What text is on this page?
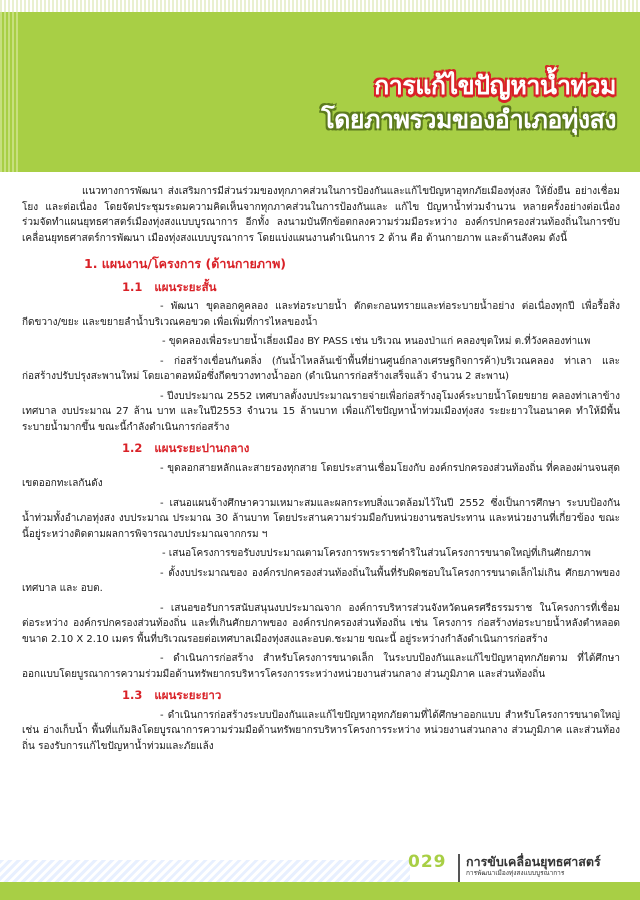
การแก้ไขปัญหาน้ำท่วม
โดยภาพรวมของอำเภอทุ่งสง

แนวทางการพัฒนา ส่งเสริมการมีส่วนร่วมของทุกภาคส่วนในการป้องกันและแก้ไขปัญหาอุทกภัยเมืองทุ่งสง ให้ยั่งยืน อย่างเชื่อมโยง และต่อเนื่อง โดยจัดประชุมระดมความคิดเห็นจากทุกภาคส่วนในการป้องกันและ แก้ไข ปัญหาน้ำท่วมจำนวน หลายครั้งอย่างต่อเนื่อง ร่วมจัดทำแผนยุทธศาสตร์เมืองทุ่งสงแบบบูรณาการ อีกทั้ง ลงนามบันทึกข้อตกลงความร่วมมือระหว่าง องค์กรปกครองส่วนท้องถิ่นในการขับเคลื่อนยุทธศาสตร์การพัฒนา เมืองทุ่งสงแบบบูรณาการ โดยแบ่งแผนงานดำเนินการ 2 ด้าน คือ ด้านกายภาพ และด้านสังคม ดังนี้

1. แผนงาน/โครงการ (ด้านกายภาพ)
1.1 แผนระยะสั้น

- พัฒนา ขุดลอกคูคลอง และท่อระบายน้ำ ตักตะกอนทรายและท่อระบายน้ำอย่าง ต่อเนื่องทุกปี เพื่อรื้อสิ่งกีดขวาง/ขยะ และขยายลำน้ำบริเวณคอขวด เพื่อเพิ่มที่การไหลของน้ำ

- ขุดคลองเพื่อระบายน้ำเลี่ยงเมือง BY PASS เช่น บริเวณ หนองป่าแก่ คลองขุดใหม่ ต.ที่วังคลองท่าแพ

- ก่อสร้างเขื่อนกันตลิ่ง (กันน้ำไหลล้นเข้าพื้นที่ย่านศูนย์กลางเศรษฐกิจการค้า)บริเวณคลอง ท่าเลา และก่อสร้างปรับปรุงสะพานใหม่ โดยเอาตอหม้อซึ่งกีดขวางทางน้ำออก (ดำเนินการก่อสร้างเสร็จแล้ว จำนวน 2 สะพาน)

- ปีงบประมาณ 2552 เทศบาลตั้งงบประมาณรายจ่ายเพื่อก่อสร้างอุโมงค์ระบายน้ำโดยขยาย คลองท่าเลาข้างเทศบาล งบประมาณ 27 ล้าน บาท และในปี2553 จำนวน 15 ล้านบาท เพื่อแก้ไขปัญหาน้ำท่วมเมืองทุ่งสง ระยะยาวในอนาคต ทำให้มีพื้นระบายน้ำมากขึ้น ขณะนี้กำลังดำเนินการก่อสร้าง

1.2 แผนระยะปานกลาง

- ขุดลอกสายหลักและสายรองทุกสาย โดยประสานเชื่อมโยงกับ องค์กรปกครองส่วนท้องถิ่น ที่คลองผ่านจนสุดเขตออกทะเลกันดัง

- เสนอแผนจ้างศึกษาความเหมาะสมและผลกระทบสิ่งแวดล้อมไว้ในปี 2552 ซึ่งเป็นการศึกษา ระบบป้องกันน้ำท่วมทั้งอำเภอทุ่งสง งบประมาณ ประมาณ 30 ล้านบาท โดยประสานความร่วมมือกับหน่วยงานชลประทาน และหน่วยงานที่เกี่ยวข้อง ขณะนี้อยู่ระหว่างติดตามผลการพิจารณางบประมาณจากกรม ฯ

- เสนอโครงการขอรับงบประมาณตามโครงการพระราชดำริในส่วนโครงการขนาดใหญ่ที่เกินศักยภาพ

- ตั้งงบประมาณของ องค์กรปกครองส่วนท้องถิ่นในพื้นที่รับผิดชอบในโครงการขนาดเล็กไม่เกิน ศักยภาพของเทศบาล และ อบต.

- เสนอขอรับการสนับสนุนงบประมาณจาก องค์การบริหารส่วนจังหวัดนครศรีธรรมราช ในโครงการที่เชื่อมต่อระหว่าง องค์กรปกครองส่วนท้องถิ่น และที่เกินศักยภาพของ องค์กรปกครองส่วนท้องถิ่น เช่น โครงการ ก่อสร้างท่อระบายน้ำหลังตำหลอด ขนาด 2.10 X 2.10 เมตร พื้นที่บริเวณรอยต่อเทศบาลเมืองทุ่งสงและอบต.ชะมาย ขณะนี้ อยู่ระหว่างกำลังดำเนินการก่อสร้าง

- ดำเนินการก่อสร้าง สำหรับโครงการขนาดเล็ก ในระบบป้องกันและแก้ไขปัญหาอุทกภัยตาม ที่ได้ศึกษาออกแบบโดยบูรณาการความร่วมมือด้านทรัพยากรบริหารโครงการระหว่างหน่วยงานส่วนกลาง ส่วนภูมิภาค และส่วนท้องถิ่น

1.3 แผนระยะยาว

- ดำเนินการก่อสร้างระบบป้องกันและแก้ไขปัญหาอุทกภัยตามที่ได้ศึกษาออกแบบ สำหรับโครงการขนาดใหญ่ เช่น อ่างเก็บน้ำ พื้นที่แก้มลิงโดยบูรณาการความร่วมมือด้านทรัพยากรบริหารโครงการระหว่าง หน่วยงานส่วนกลาง ส่วนภูมิภาค และส่วนท้องถิ่น รองรับการแก้ไขปัญหาน้ำท่วมและภัยแล้ง

029 การขับเคลื่อนยุทธศาสตร์
การพัฒนาเมืองทุ่งสงแบบบูรณาการ
